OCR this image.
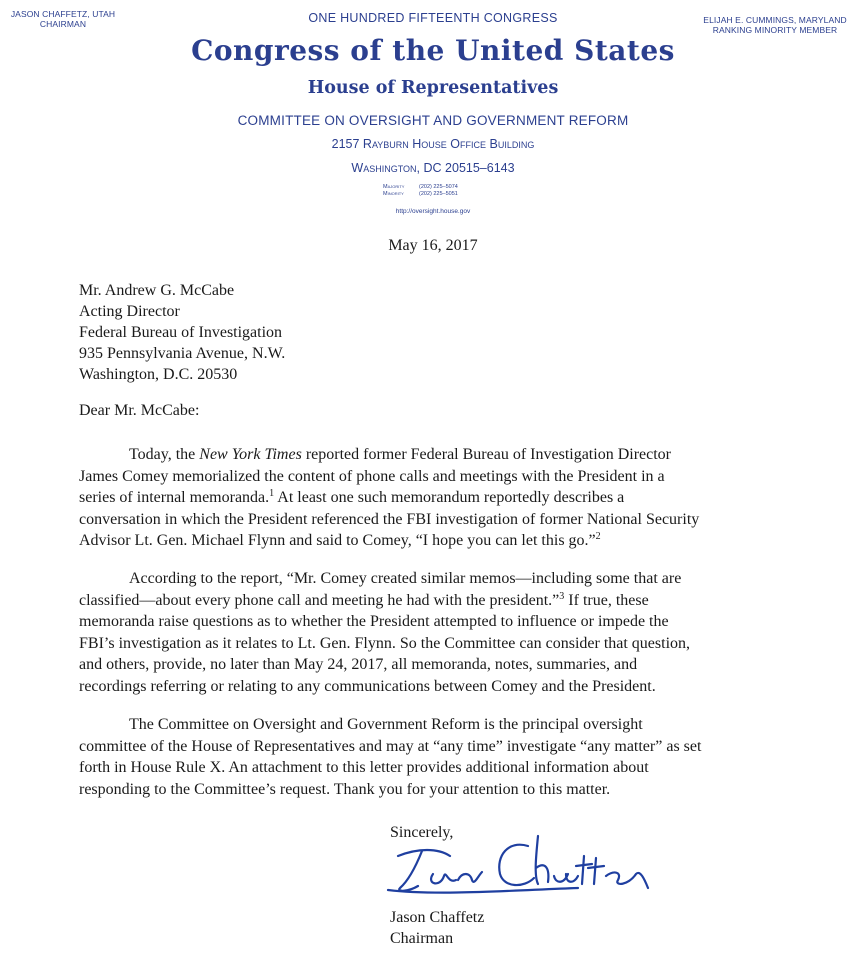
JASON CHAFFETZ, UTAH
CHAIRMAN	ELIJAH E. CUMMINGS, MARYLAND
RANKING MINORITY MEMBER
ONE HUNDRED FIFTEENTH CONGRESS
Congress of the United States
House of Representatives
COMMITTEE ON OVERSIGHT AND GOVERNMENT REFORM
2157 Rayburn House Office Building
Washington, DC 20515–6143
Majority	(202) 225–5074
Minority	(202) 225–5051
http://oversight.house.gov
May 16, 2017
Mr. Andrew G. McCabe
Acting Director
Federal Bureau of Investigation
935 Pennsylvania Avenue, N.W.
Washington, D.C. 20530
Dear Mr. McCabe:
Today, the New York Times reported former Federal Bureau of Investigation Director
James Comey memorialized the content of phone calls and meetings with the President in a
series of internal memoranda.$^1$ At least one such memorandum reportedly describes a
conversation in which the President referenced the FBI investigation of former National Security
Advisor Lt. Gen. Michael Flynn and said to Comey, “I hope you can let this go.”$^2$
According to the report, “Mr. Comey created similar memos—including some that are
classified—about every phone call and meeting he had with the president.”$^3$ If true, these
memoranda raise questions as to whether the President attempted to influence or impede the
FBI’s investigation as it relates to Lt. Gen. Flynn. So the Committee can consider that question,
and others, provide, no later than May 24, 2017, all memoranda, notes, summaries, and
recordings referring or relating to any communications between Comey and the President.
The Committee on Oversight and Government Reform is the principal oversight
committee of the House of Representatives and may at “any time” investigate “any matter” as set
forth in House Rule X. An attachment to this letter provides additional information about
responding to the Committee’s request. Thank you for your attention to this matter.
Sincerely,
Jason Chaffetz
Chairman
